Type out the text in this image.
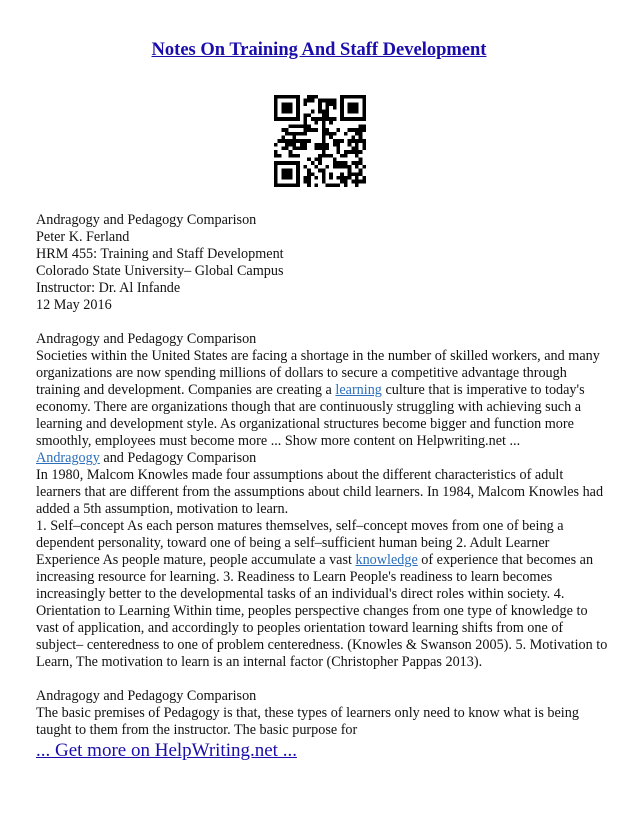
Notes On Training And Staff Development
Andragogy and Pedagogy Comparison
Peter K. Ferland
HRM 455: Training and Staff Development
Colorado State University– Global Campus
Instructor: Dr. Al Infande
12 May 2016
Andragogy and Pedagogy Comparison
Societies within the United States are facing a shortage in the number of skilled workers, and many
organizations are now spending millions of dollars to secure a competitive advantage through
training and development. Companies are creating a learning culture that is imperative to today's
economy. There are organizations though that are continuously struggling with achieving such a
learning and development style. As organizational structures become bigger and function more
smoothly, employees must become more ... Show more content on Helpwriting.net ...
Andragogy and Pedagogy Comparison
In 1980, Malcom Knowles made four assumptions about the different characteristics of adult
learners that are different from the assumptions about child learners. In 1984, Malcom Knowles had
added a 5th assumption, motivation to learn.
1. Self–concept As each person matures themselves, self–concept moves from one of being a
dependent personality, toward one of being a self–sufficient human being 2. Adult Learner
Experience As people mature, people accumulate a vast knowledge of experience that becomes an
increasing resource for learning. 3. Readiness to Learn People's readiness to learn becomes
increasingly better to the developmental tasks of an individual's direct roles within society. 4.
Orientation to Learning Within time, peoples perspective changes from one type of knowledge to
vast of application, and accordingly to peoples orientation toward learning shifts from one of
subject– centeredness to one of problem centeredness. (Knowles & Swanson 2005). 5. Motivation to
Learn, The motivation to learn is an internal factor (Christopher Pappas 2013).
Andragogy and Pedagogy Comparison
The basic premises of Pedagogy is that, these types of learners only need to know what is being
taught to them from the instructor. The basic purpose for
... Get more on HelpWriting.net ...
